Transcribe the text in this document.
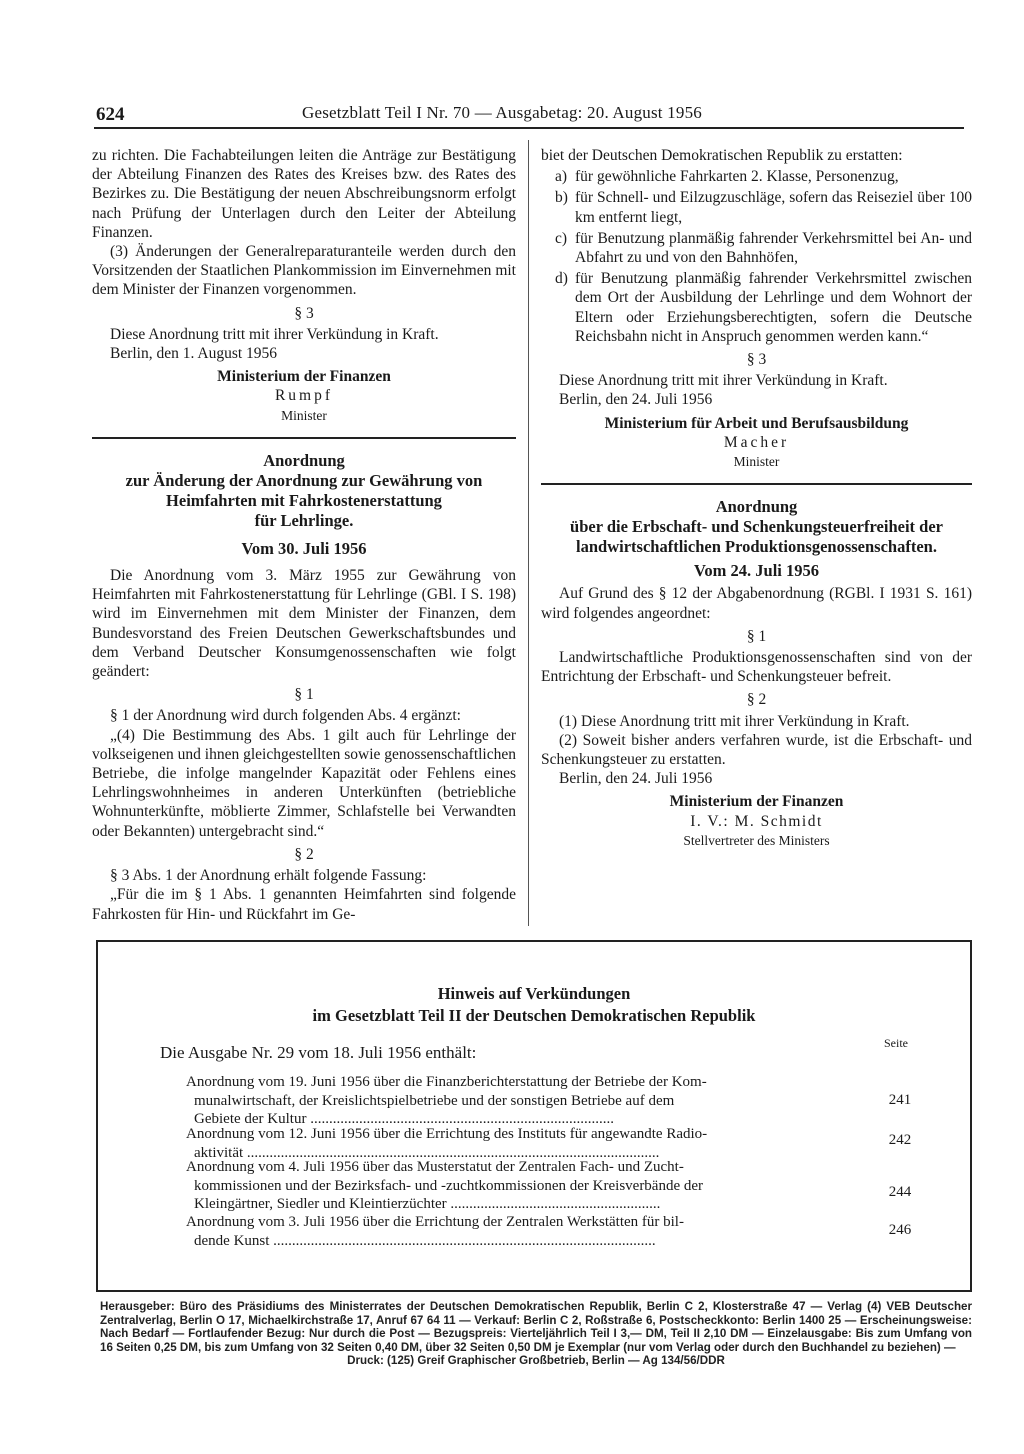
624	Gesetzblatt Teil I Nr. 70 — Ausgabetag: 20. August 1956

zu richten. Die Fachabteilungen leiten die Anträge zur Bestätigung der Abteilung Finanzen des Rates des Kreises bzw. des Rates des Bezirkes zu. Die Bestätigung der neuen Abschreibungsnorm erfolgt nach Prüfung der Unterlagen durch den Leiter der Abteilung Finanzen.

(3) Änderungen der Generalreparaturanteile werden durch den Vorsitzenden der Staatlichen Plankommission im Einvernehmen mit dem Minister der Finanzen vorgenommen.

§ 3

Diese Anordnung tritt mit ihrer Verkündung in Kraft.

Berlin, den 1. August 1956

Ministerium der Finanzen
Rumpf
Minister
Anordnung
zur Änderung der Anordnung zur Gewährung von
Heimfahrten mit Fahrkostenerstattung
für Lehrlinge.
Vom 30. Juli 1956

Die Anordnung vom 3. März 1955 zur Gewährung von Heimfahrten mit Fahrkostenerstattung für Lehrlinge (GBl. I S. 198) wird im Einvernehmen mit dem Minister der Finanzen, dem Bundesvorstand des Freien Deutschen Gewerkschaftsbundes und dem Verband Deutscher Konsumgenossenschaften wie folgt geändert:

§ 1

§ 1 der Anordnung wird durch folgenden Abs. 4 ergänzt:

„(4) Die Bestimmung des Abs. 1 gilt auch für Lehrlinge der volkseigenen und ihnen gleichgestellten sowie genossenschaftlichen Betriebe, die infolge mangelnder Kapazität oder Fehlens eines Lehrlingswohnheimes in anderen Unterkünften (betriebliche Wohnunterkünfte, möblierte Zimmer, Schlafstelle bei Verwandten oder Bekannten) untergebracht sind.“

§ 2

§ 3 Abs. 1 der Anordnung erhält folgende Fassung:

„Für die im § 1 Abs. 1 genannten Heimfahrten sind folgende Fahrkosten für Hin- und Rückfahrt im Ge-

biet der Deutschen Demokratischen Republik zu erstatten:

a) für gewöhnliche Fahrkarten 2. Klasse, Personenzug,
b) für Schnell- und Eilzugzuschläge, sofern das Reiseziel über 100 km entfernt liegt,
c) für Benutzung planmäßig fahrender Verkehrsmittel bei An- und Abfahrt zu und von den Bahnhöfen,
d) für Benutzung planmäßig fahrender Verkehrsmittel zwischen dem Ort der Ausbildung der Lehrlinge und dem Wohnort der Eltern oder Erziehungsberechtigten, sofern die Deutsche Reichsbahn nicht in Anspruch genommen werden kann.“
§ 3

Diese Anordnung tritt mit ihrer Verkündung in Kraft.

Berlin, den 24. Juli 1956

Ministerium für Arbeit und Berufsausbildung
Macher
Minister
Anordnung
über die Erbschaft- und Schenkungsteuerfreiheit der
landwirtschaftlichen Produktionsgenossenschaften.
Vom 24. Juli 1956

Auf Grund des § 12 der Abgabenordnung (RGBl. I 1931 S. 161) wird folgendes angeordnet:

§ 1

Landwirtschaftliche Produktionsgenossenschaften sind von der Entrichtung der Erbschaft- und Schenkungsteuer befreit.

§ 2

(1) Diese Anordnung tritt mit ihrer Verkündung in Kraft.

(2) Soweit bisher anders verfahren wurde, ist die Erbschaft- und Schenkungsteuer zu erstatten.

Berlin, den 24. Juli 1956

Ministerium der Finanzen
I. V.: M. Schmidt
Stellvertreter des Ministers
Hinweis auf Verkündungen
im Gesetzblatt Teil II der Deutschen Demokratischen Republik
Seite
Die Ausgabe Nr. 29 vom 18. Juli 1956 enthält:
Anordnung vom 19. Juni 1956 über die Finanzberichterstattung der Betriebe der Kom-
munalwirtschaft, der Kreislichtspielbetriebe und der sonstigen Betriebe auf dem
Gebiete der Kultur .................................................................................
241
Anordnung vom 12. Juni 1956 über die Errichtung des Instituts für angewandte Radio-
aktivität ..............................................................................................................
242
Anordnung vom 4. Juli 1956 über das Musterstatut der Zentralen Fach- und Zucht-
kommissionen und der Bezirksfach- und -zuchtkommissionen der Kreisverbände der
Kleingärtner, Siedler und Kleintierzüchter ........................................................
244
Anordnung vom 3. Juli 1956 über die Errichtung der Zentralen Werkstätten für bil-
dende Kunst ......................................................................................................
246
Herausgeber: Büro des Präsidiums des Ministerrates der Deutschen Demokratischen Republik, Berlin C 2, Klosterstraße 47 — Verlag (4) VEB Deutscher Zentralverlag, Berlin O 17, Michaelkirchstraße 17, Anruf 67 64 11 — Verkauf: Berlin C 2, Roßstraße 6, Postscheckkonto: Berlin 1400 25 — Erscheinungsweise: Nach Bedarf — Fortlaufender Bezug: Nur durch die Post — Bezugspreis: Vierteljährlich Teil I 3,— DM, Teil II 2,10 DM — Einzelausgabe: Bis zum Umfang von 16 Seiten 0,25 DM, bis zum Umfang von 32 Seiten 0,40 DM, über 32 Seiten 0,50 DM je Exemplar (nur vom Verlag oder durch den Buchhandel zu beziehen) —
Druck: (125) Greif Graphischer Großbetrieb, Berlin — Ag 134/56/DDR
